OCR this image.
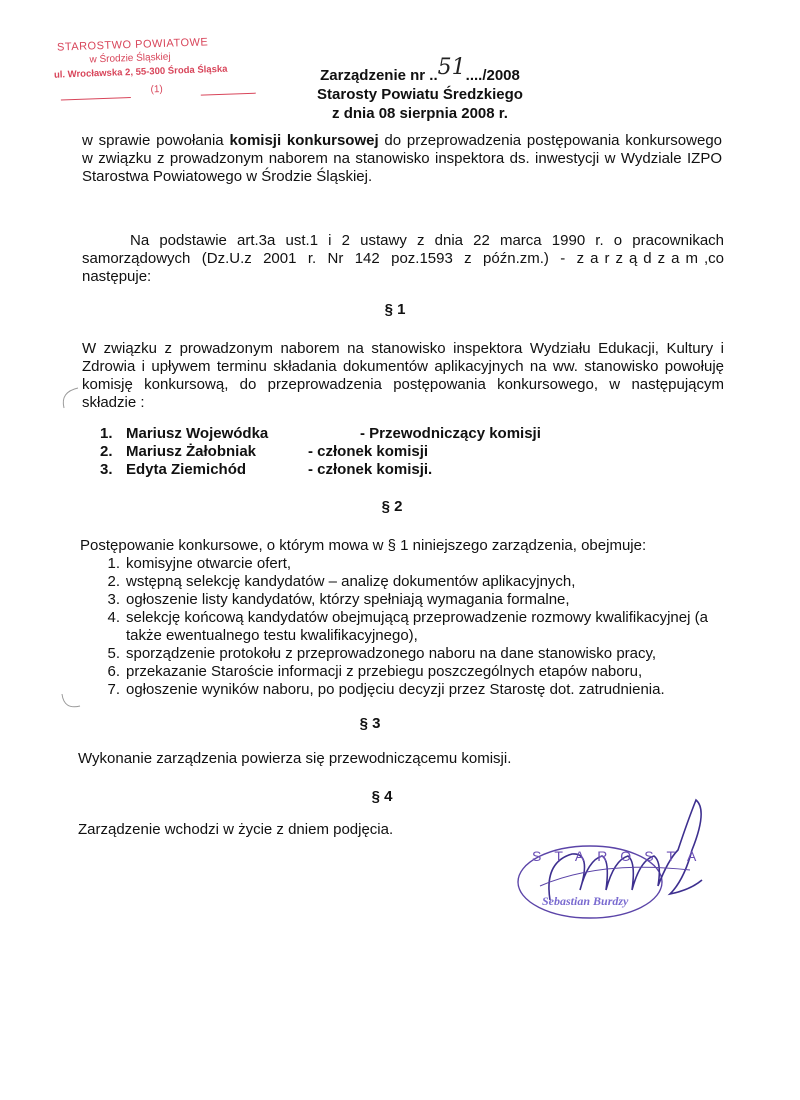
STAROSTWO POWIATOWE
w Środzie Śląskiej
ul. Wrocławska 2, 55-300 Środa Śląska
(1)
Zarządzenie nr ..51..../2008
Starosty Powiatu Średzkiego
z dnia 08 sierpnia 2008 r.
w sprawie powołania komisji konkursowej do przeprowadzenia postępowania konkursowego w związku z prowadzonym naborem na stanowisko inspektora ds. inwestycji w Wydziale IZPO Starostwa Powiatowego w Środzie Śląskiej.
Na podstawie art.3a ust.1 i 2 ustawy z dnia 22 marca 1990 r. o pracownikach samorządowych (Dz.U.z 2001 r. Nr 142 poz.1593 z późn.zm.) - zarządzam,co następuje:
§ 1
W związku z prowadzonym naborem na stanowisko inspektora Wydziału Edukacji, Kultury i Zdrowia i upływem terminu składania dokumentów aplikacyjnych na ww. stanowisko powołuję komisję konkursową, do przeprowadzenia postępowania konkursowego, w następującym składzie :
1. Mariusz Wojewódka	- Przewodniczący komisji
2. Mariusz Żałobniak	- członek komisji
3. Edyta Ziemichód	- członek komisji.
§ 2
Postępowanie konkursowe, o którym mowa w § 1 niniejszego zarządzenia, obejmuje:
1. komisyjne otwarcie ofert,
2. wstępną selekcję kandydatów – analizę dokumentów aplikacyjnych,
3. ogłoszenie listy kandydatów, którzy spełniają wymagania formalne,
4. selekcję końcową kandydatów obejmującą przeprowadzenie rozmowy kwalifikacyjnej (a także ewentualnego testu kwalifikacyjnego),
5. sporządzenie protokołu z przeprowadzonego naboru na dane stanowisko pracy,
6. przekazanie Staroście informacji z przebiegu poszczególnych etapów naboru,
7. ogłoszenie wyników naboru, po podjęciu decyzji przez Starostę dot. zatrudnienia.
§ 3
Wykonanie zarządzenia powierza się przewodniczącemu komisji.
§ 4
Zarządzenie wchodzi w życie z dniem podjęcia.
STAROSTA
Sebastian Burdzy
